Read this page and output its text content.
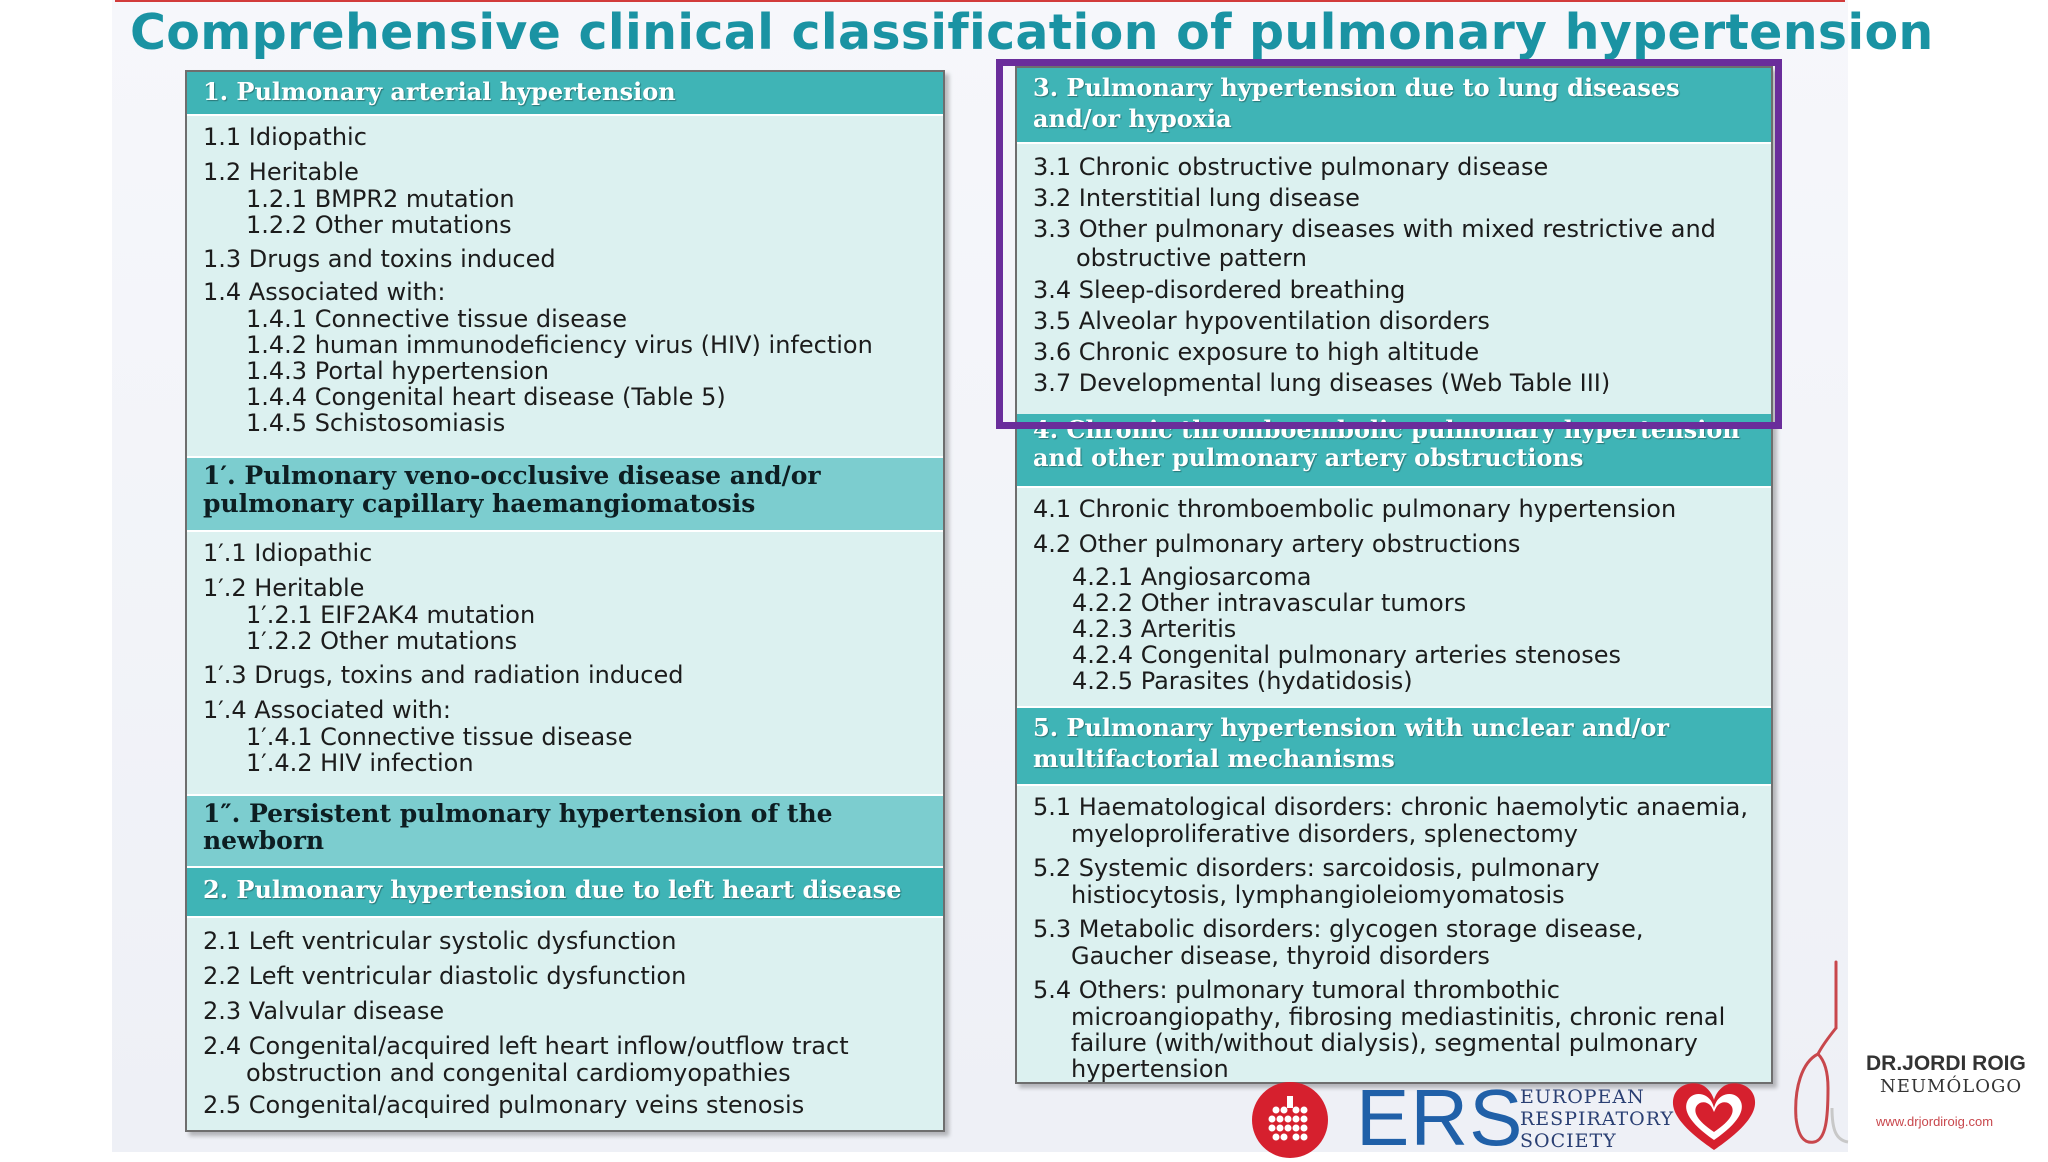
Comprehensive clinical classification of pulmonary hypertension
1. Pulmonary arterial hypertension
1.1 Idiopathic
1.2 Heritable
1.2.1 BMPR2 mutation
1.2.2 Other mutations
1.3 Drugs and toxins induced
1.4 Associated with:
1.4.1 Connective tissue disease
1.4.2 human immunodeficiency virus (HIV) infection
1.4.3 Portal hypertension
1.4.4 Congenital heart disease (Table 5)
1.4.5 Schistosomiasis
1′. Pulmonary veno-occlusive disease and/or pulmonary capillary haemangiomatosis
1′.1 Idiopathic
1′.2 Heritable
1′.2.1 EIF2AK4 mutation
1′.2.2 Other mutations
1′.3 Drugs, toxins and radiation induced
1′.4 Associated with:
1′.4.1 Connective tissue disease
1′.4.2 HIV infection
1″. Persistent pulmonary hypertension of the newborn
2. Pulmonary hypertension due to left heart disease
2.1 Left ventricular systolic dysfunction
2.2 Left ventricular diastolic dysfunction
2.3 Valvular disease
2.4 Congenital/acquired left heart inflow/outflow tract
obstruction and congenital cardiomyopathies
2.5 Congenital/acquired pulmonary veins stenosis
3. Pulmonary hypertension due to lung diseases
and/or hypoxia
3.1 Chronic obstructive pulmonary disease
3.2 Interstitial lung disease
3.3 Other pulmonary diseases with mixed restrictive and
obstructive pattern
3.4 Sleep-disordered breathing
3.5 Alveolar hypoventilation disorders
3.6 Chronic exposure to high altitude
3.7 Developmental lung diseases (Web Table III)
4. Chronic thromboembolic pulmonary hypertension
and other pulmonary artery obstructions
4.1 Chronic thromboembolic pulmonary hypertension
4.2 Other pulmonary artery obstructions
4.2.1 Angiosarcoma
4.2.2 Other intravascular tumors
4.2.3 Arteritis
4.2.4 Congenital pulmonary arteries stenoses
4.2.5 Parasites (hydatidosis)
5. Pulmonary hypertension with unclear and/or
multifactorial mechanisms
5.1 Haematological disorders: chronic haemolytic anaemia,
myeloproliferative disorders, splenectomy
5.2 Systemic disorders: sarcoidosis, pulmonary
histiocytosis, lymphangioleiomyomatosis
5.3 Metabolic disorders: glycogen storage disease,
Gaucher disease, thyroid disorders
5.4 Others: pulmonary tumoral thrombothic
microangiopathy, fibrosing mediastinitis, chronic renal
failure (with/without dialysis), segmental pulmonary
hypertension
ERS
EUROPEAN
RESPIRATORY
SOCIETY
DR.JORDI ROIG
NEUMÓLOGO
www.drjordiroig.com
